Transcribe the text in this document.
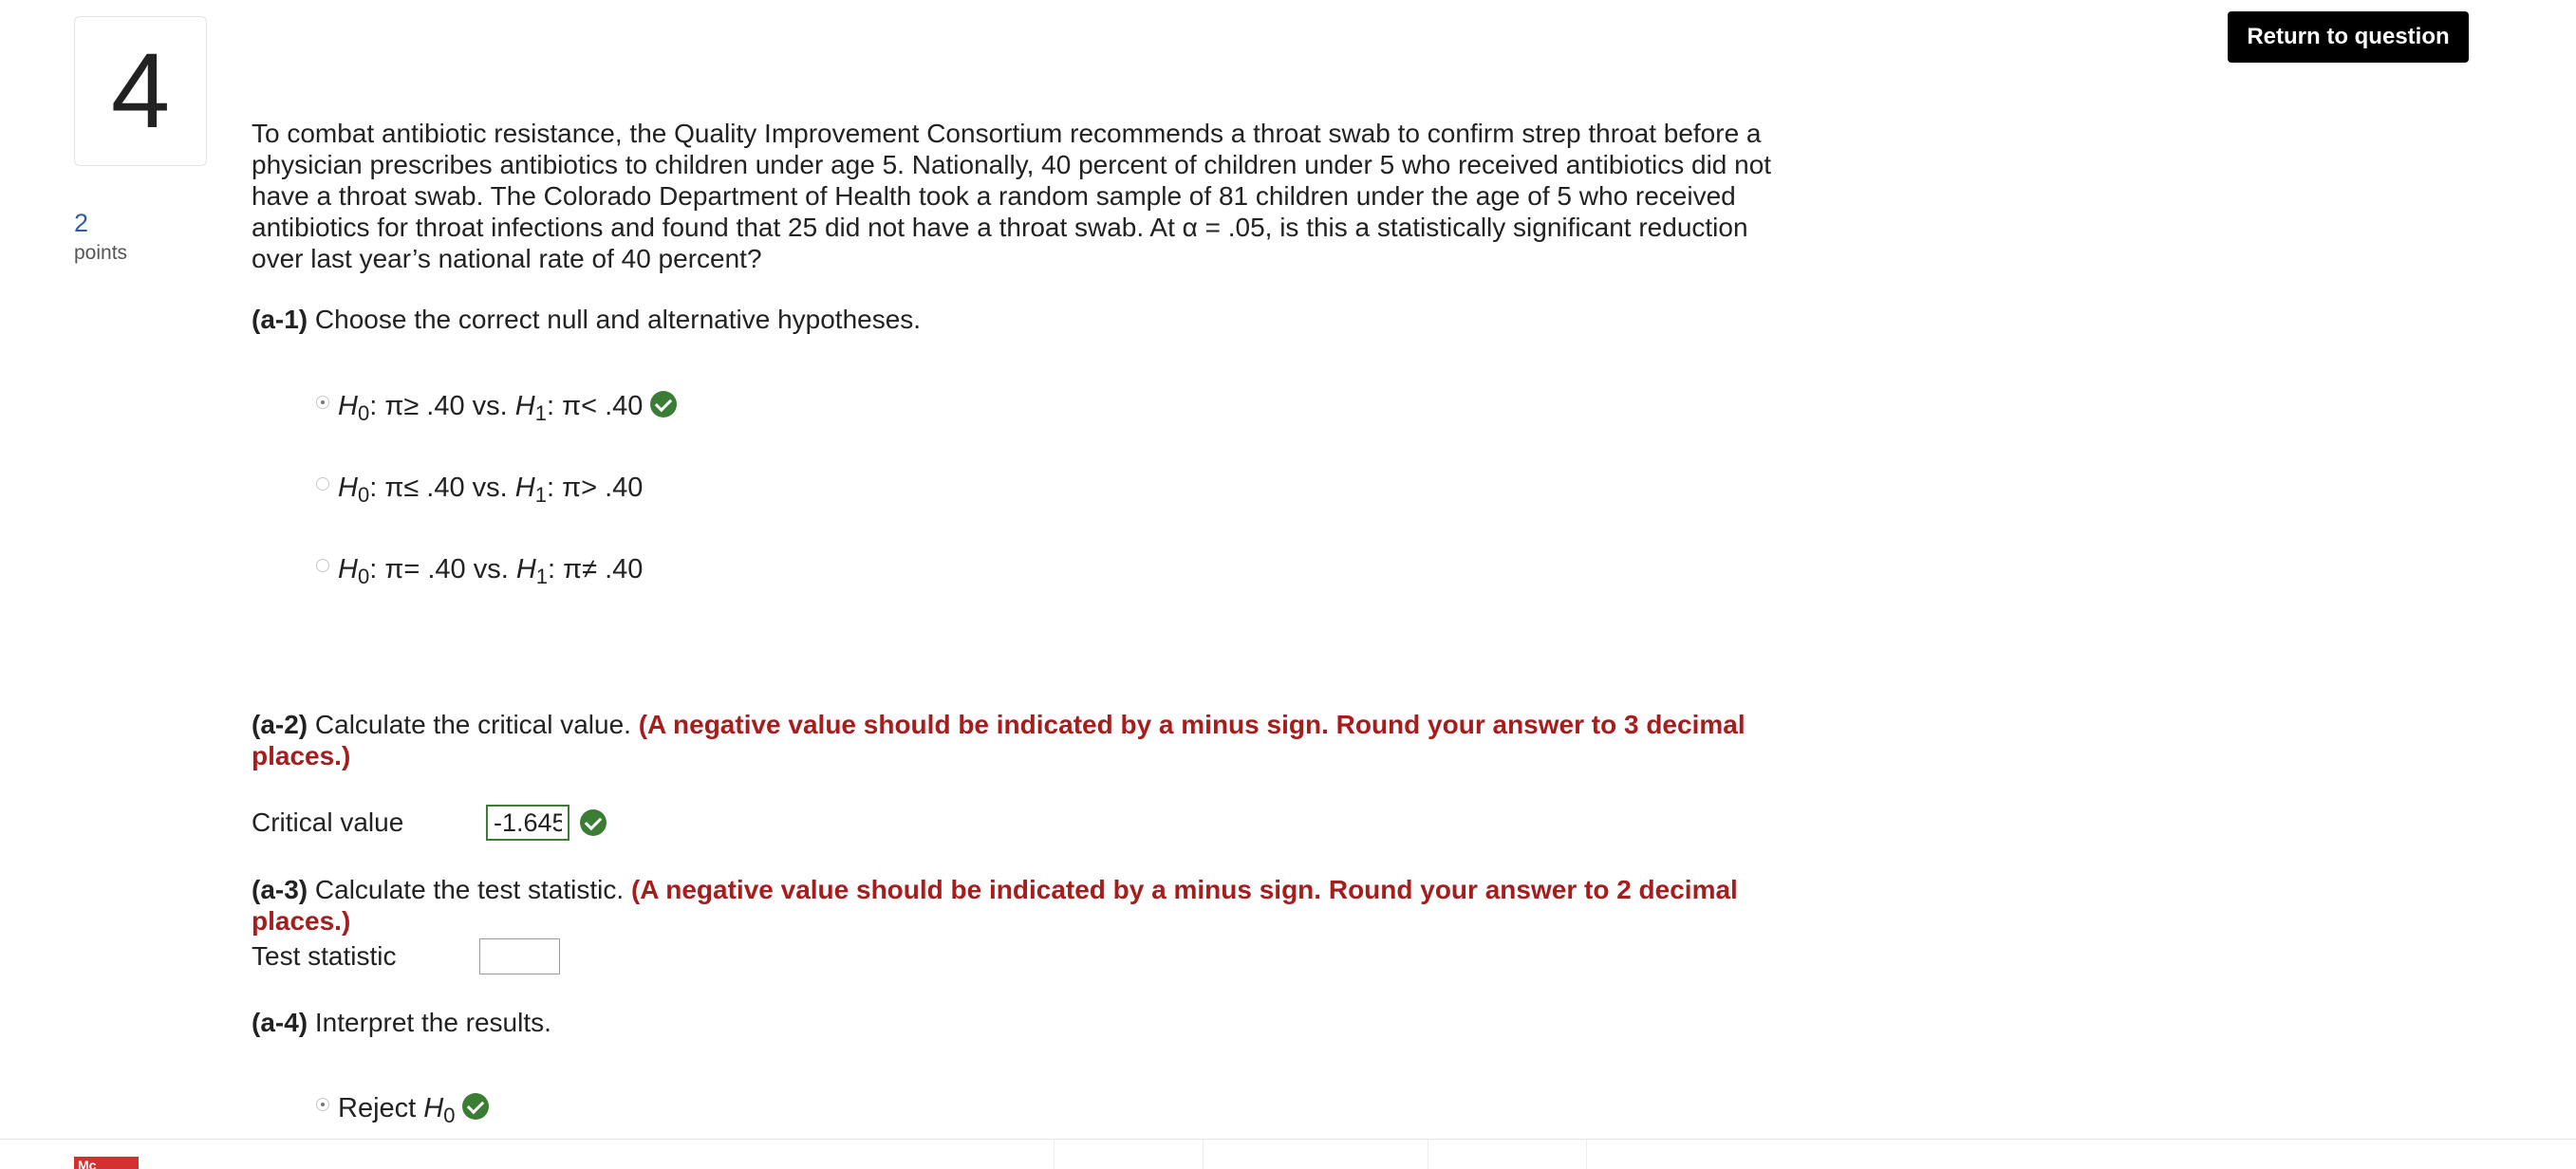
4
2
points
Return to question

To combat antibiotic resistance, the Quality Improvement Consortium recommends a throat swab to confirm strep throat before a physician prescribes antibiotics to children under age 5. Nationally, 40 percent of children under 5 who received antibiotics did not have a throat swab. The Colorado Department of Health took a random sample of 81 children under the age of 5 who received antibiotics for throat infections and found that 25 did not have a throat swab. At α = .05, is this a statistically significant reduction over last year’s national rate of 40 percent?

(a-1) Choose the correct null and alternative hypotheses.
$H_0$: π≥ .40 vs. $H_1$: π< .40
$H_0$: π≤ .40 vs. $H_1$: π> .40
$H_0$: π= .40 vs. $H_1$: π≠ .40
(a-2) Calculate the critical value. (A negative value should be indicated by a minus sign. Round your answer to 3 decimal places.)
Critical value
-1.645
(a-3) Calculate the test statistic. (A negative value should be indicated by a minus sign. Round your answer to 2 decimal places.)
Test statistic
(a-4) Interpret the results.
Reject $H_0$
Mc
